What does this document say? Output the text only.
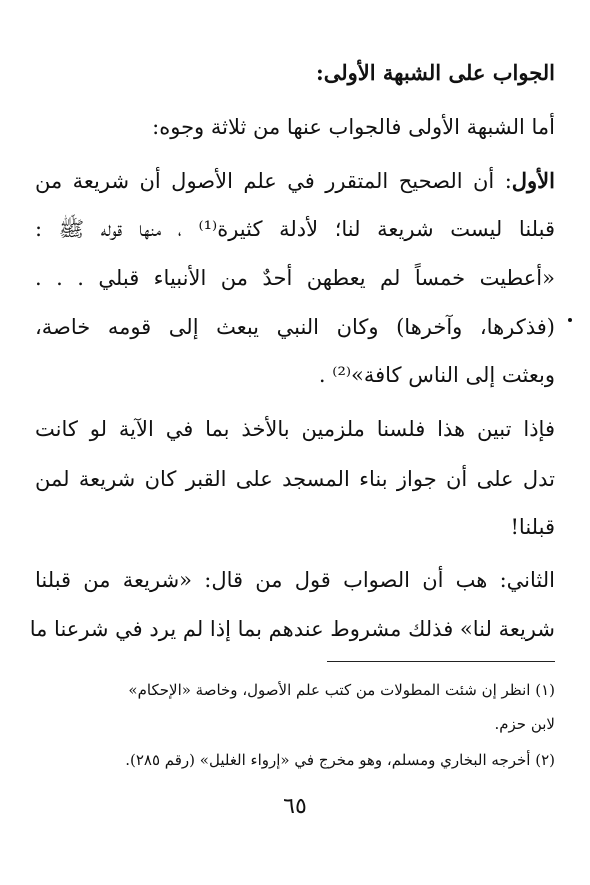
الجواب على الشبهة الأولى:
أما الشبهة الأولى فالجواب عنها من ثلاثة وجوه:
الأول: أن الصحيح المتقرر في علم الأصول أن شريعة من
قبلنا ليست شريعة لنا؛ لأدلة كثيرة⁽¹⁾ ، منها قوله ﷺ :
«أعطيت خمساً لم يعطهن أحدٌ من الأنبياء قبلي . . .
(فذكرها، وآخرها) وكان النبي يبعث إلى قومه خاصة،
وبعثت إلى الناس كافة»⁽²⁾ .
فإذا تبين هذا فلسنا ملزمين بالأخذ بما في الآية لو كانت
تدل على أن جواز بناء المسجد على القبر كان شريعة لمن
قبلنا!
الثاني: هب أن الصواب قول من قال: «شريعة من قبلنا
شريعة لنا» فذلك مشروط عندهم بما إذا لم يرد في شرعنا ما
(١) انظر إن شئت المطولات من كتب علم الأصول، وخاصة «الإحكام»
لابن حزم.
(٢) أخرجه البخاري ومسلم، وهو مخرج في «إرواء الغليل» (رقم ٢٨٥).
٦٥
